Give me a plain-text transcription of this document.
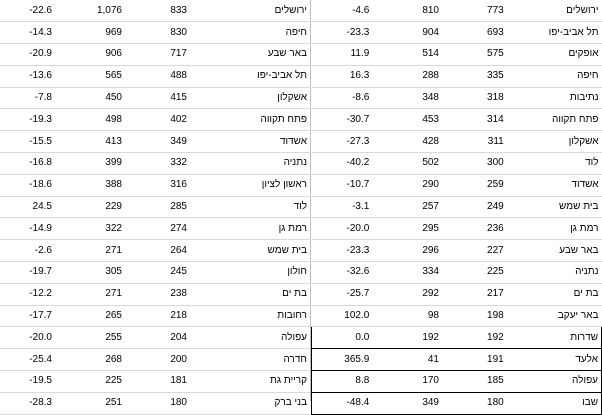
-22.6	1,076	833	ירושלים
-14.3	969	830	חיפה
-20.9	906	717	באר שבע
-13.6	565	488	תל אביב-יפו
-7.8	450	415	אשקלון
-19.3	498	402	פתח תקווה
-15.5	413	349	אשדוד
-16.8	399	332	נתניה
-18.6	388	316	ראשון לציון
24.5	229	285	לוד
-14.9	322	274	רמת גן
-2.6	271	264	בית שמש
-19.7	305	245	חולון
-12.2	271	238	בת ים
-17.7	265	218	רחובות
-20.0	255	204	עפולה
-25.4	268	200	חדרה
-19.5	225	181	קריית גת
-28.3	251	180	בני ברק
-4.6	810	773	ירושלים
-23.3	904	693	תל אביב-יפו
11.9	514	575	אופקים
16.3	288	335	חיפה
-8.6	348	318	נתיבות
-30.7	453	314	פתח תקווה
-27.3	428	311	אשקלון
-40.2	502	300	לוד
-10.7	290	259	אשדוד
-3.1	257	249	בית שמש
-20.0	295	236	רמת גן
-23.3	296	227	באר שבע
-32.6	334	225	נתניה
-25.7	292	217	בת ים
102.0	98	198	באר יעקב
0.0	192	192	שדרות
365.9	41	191	אלעד
8.8	170	185	עפולה
-48.4	349	180	שבו
